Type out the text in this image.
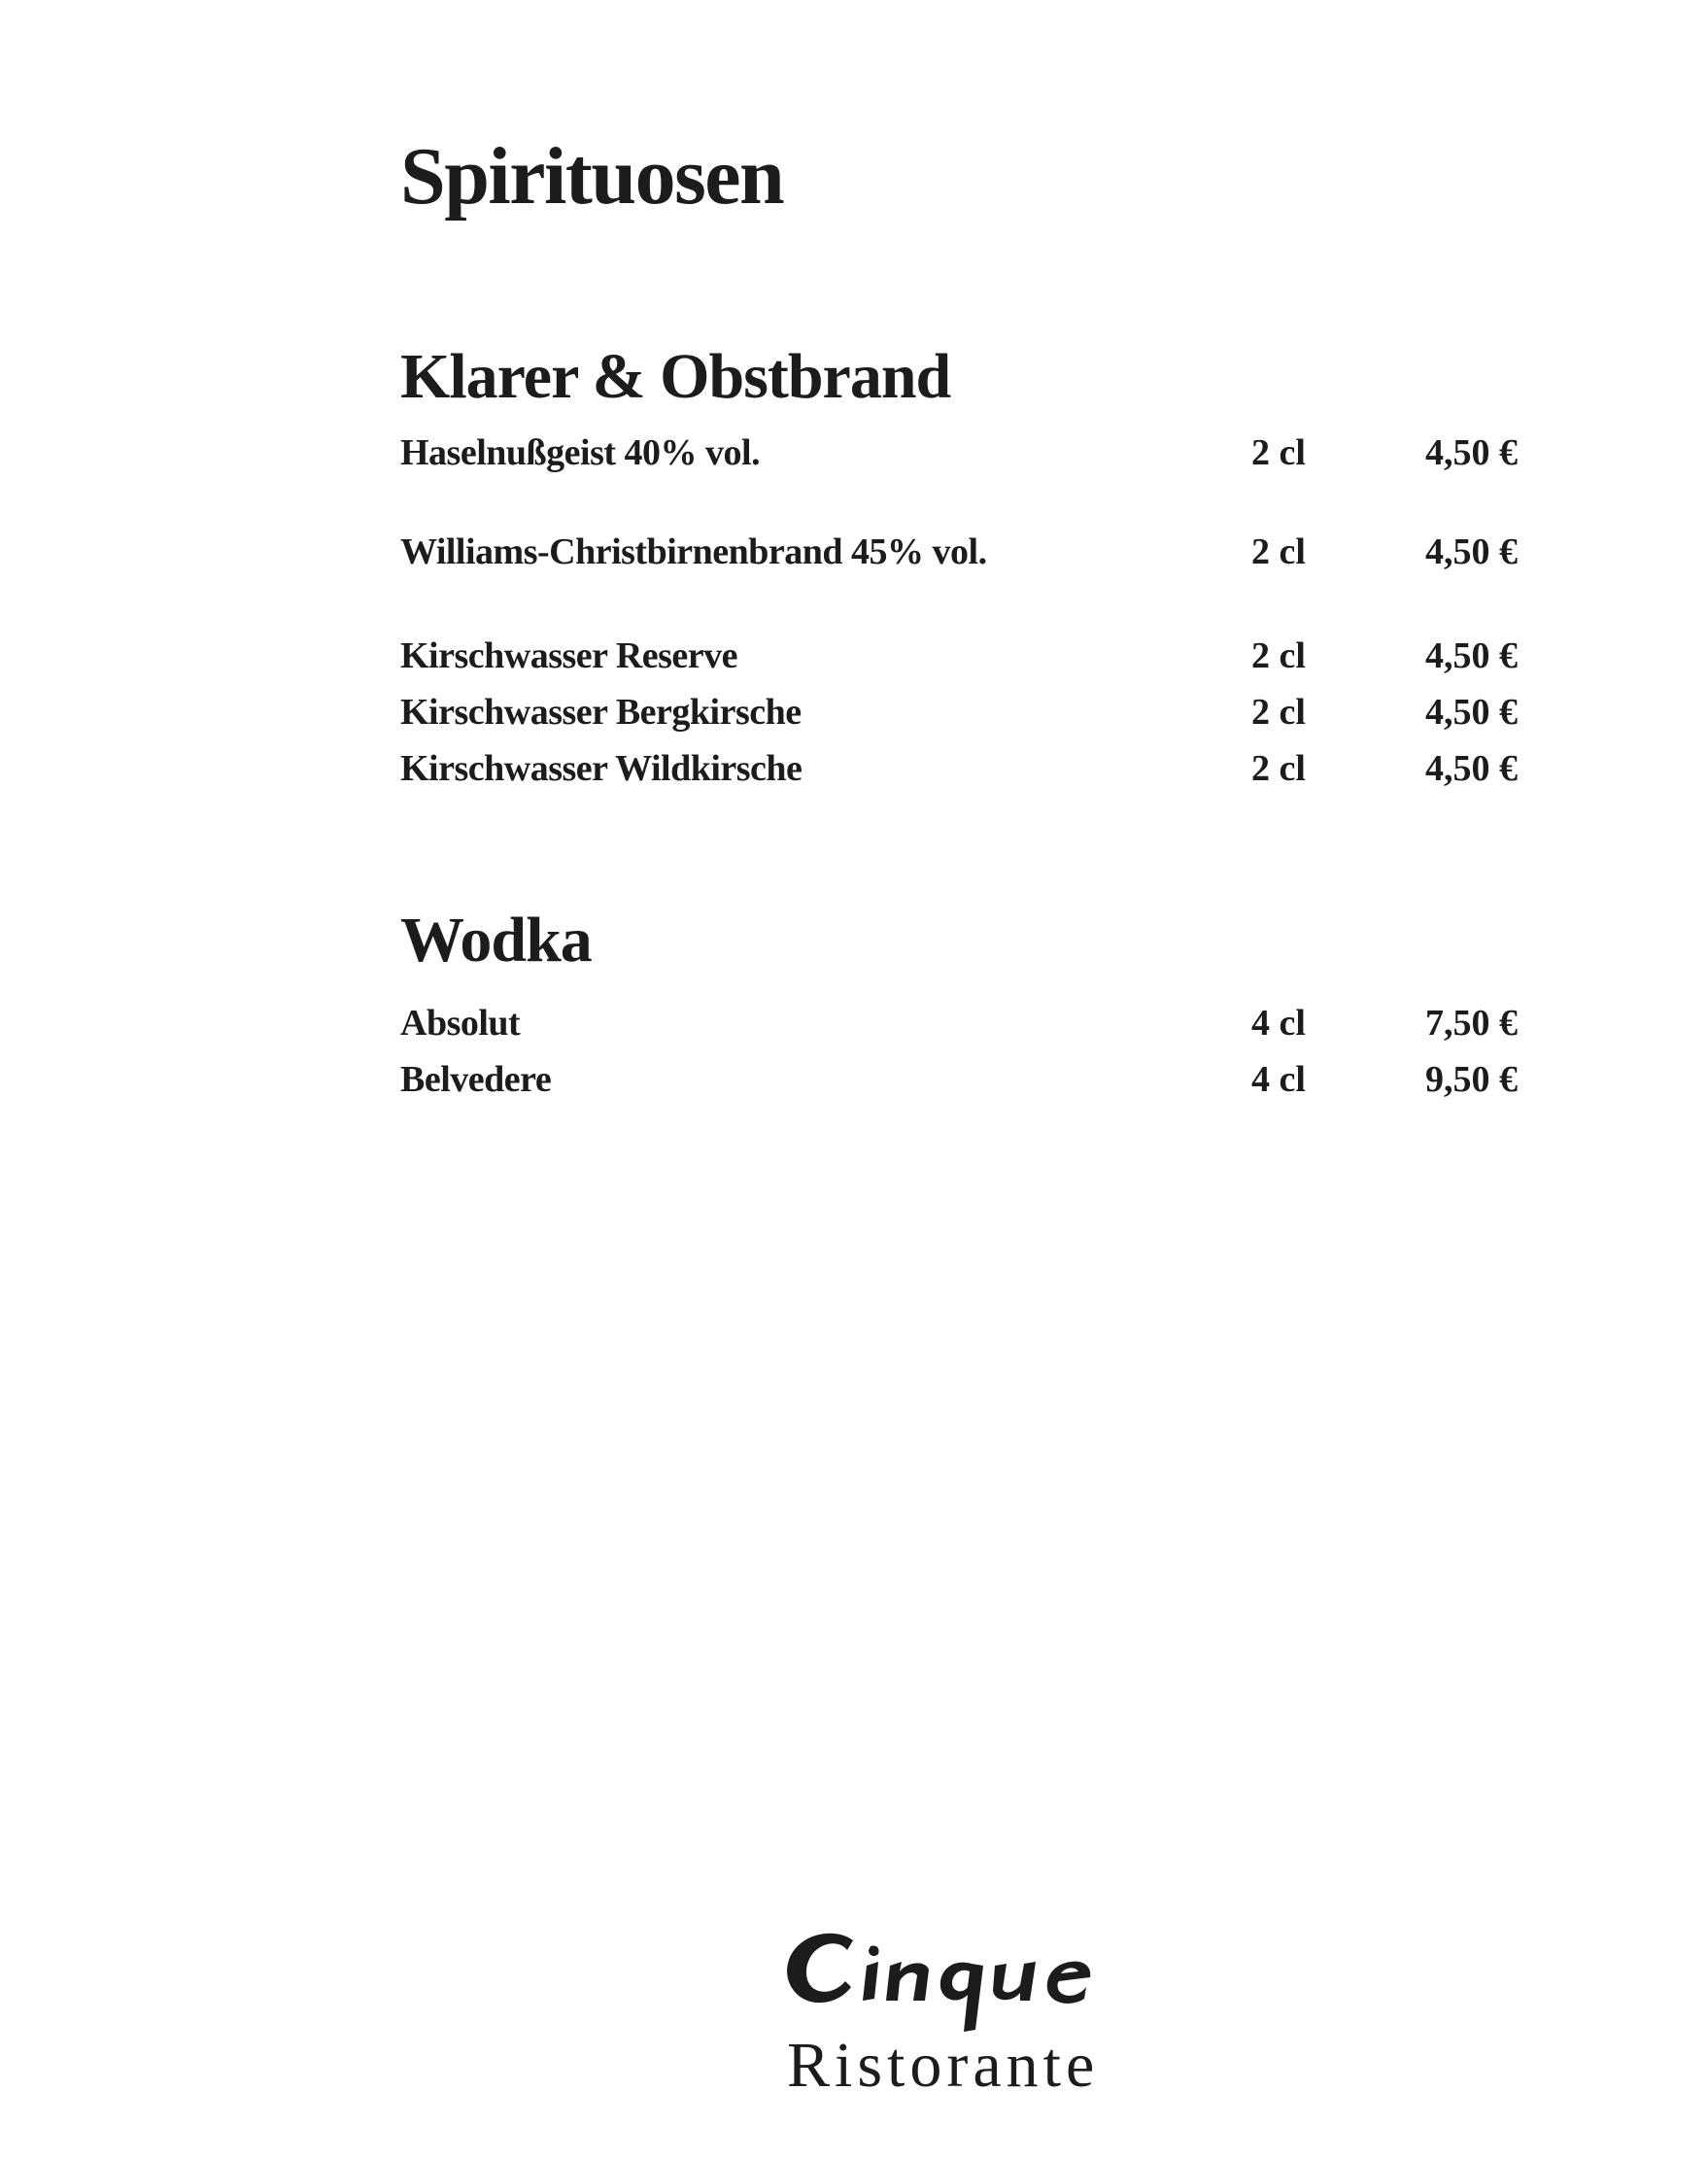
Spirituosen
Klarer & Obstbrand
Haselnußgeist 40% vol.	2 cl	4,50 €
Williams-Christbirnenbrand 45% vol.	2 cl	4,50 €
Kirschwasser Reserve	2 cl	4,50 €
Kirschwasser Bergkirsche	2 cl	4,50 €
Kirschwasser Wildkirsche	2 cl	4,50 €
Wodka
Absolut	4 cl	7,50 €
Belvedere	4 cl	9,50 €
Ristorante
